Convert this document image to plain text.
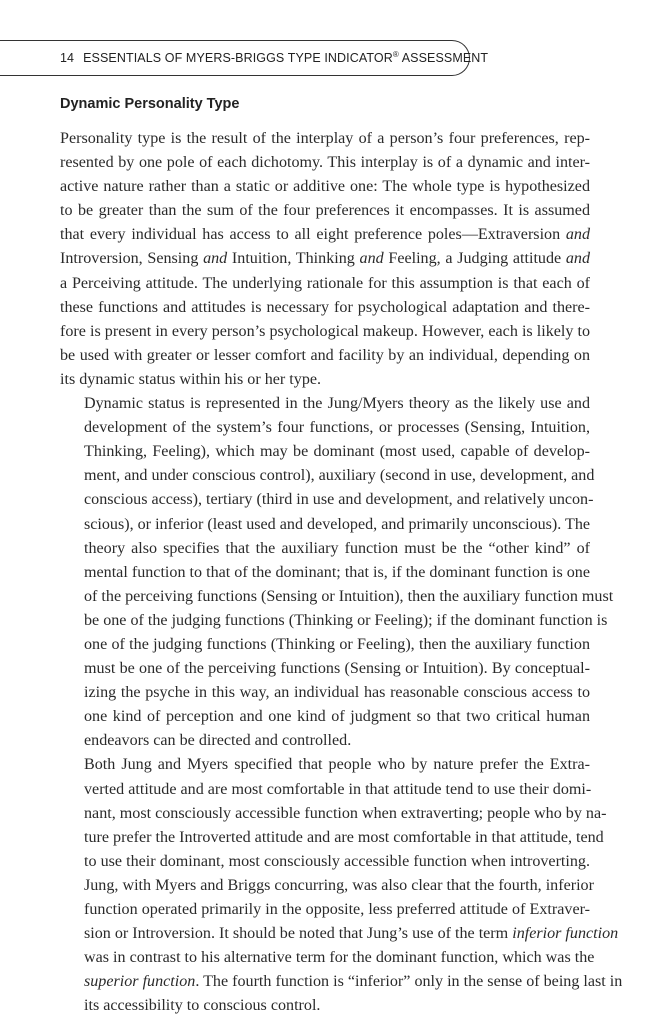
14 ESSENTIALS OF MYERS-BRIGGS TYPE INDICATOR® ASSESSMENT
Dynamic Personality Type

Personality type is the result of the interplay of a person’s four preferences, rep-
resented by one pole of each dichotomy. This interplay is of a dynamic and inter-
active nature rather than a static or additive one: The whole type is hypothesized
to be greater than the sum of the four preferences it encompasses. It is assumed
that every individual has access to all eight preference poles—Extraversion and
Introversion, Sensing and Intuition, Thinking and Feeling, a Judging attitude and
a Perceiving attitude. The underlying rationale for this assumption is that each of
these functions and attitudes is necessary for psychological adaptation and there-
fore is present in every person’s psychological makeup. However, each is likely to
be used with greater or lesser comfort and facility by an individual, depending on
its dynamic status within his or her type.

Dynamic status is represented in the Jung/Myers theory as the likely use and
development of the system’s four functions, or processes (Sensing, Intuition,
Thinking, Feeling), which may be dominant (most used, capable of develop-
ment, and under conscious control), auxiliary (second in use, development, and
conscious access), tertiary (third in use and development, and relatively uncon-
scious), or inferior (least used and developed, and primarily unconscious). The
theory also specifies that the auxiliary function must be the “other kind” of
mental function to that of the dominant; that is, if the dominant function is one
of the perceiving functions (Sensing or Intuition), then the auxiliary function must
be one of the judging functions (Thinking or Feeling); if the dominant function is
one of the judging functions (Thinking or Feeling), then the auxiliary function
must be one of the perceiving functions (Sensing or Intuition). By conceptual-
izing the psyche in this way, an individual has reasonable conscious access to
one kind of perception and one kind of judgment so that two critical human
endeavors can be directed and controlled.

Both Jung and Myers specified that people who by nature prefer the Extra-
verted attitude and are most comfortable in that attitude tend to use their domi-
nant, most consciously accessible function when extraverting; people who by na-
ture prefer the Introverted attitude and are most comfortable in that attitude, tend
to use their dominant, most consciously accessible function when introverting.
Jung, with Myers and Briggs concurring, was also clear that the fourth, inferior
function operated primarily in the opposite, less preferred attitude of Extraver-
sion or Introversion. It should be noted that Jung’s use of the term inferior function
was in contrast to his alternative term for the dominant function, which was the
superior function. The fourth function is “inferior” only in the sense of being last in
its accessibility to conscious control.
